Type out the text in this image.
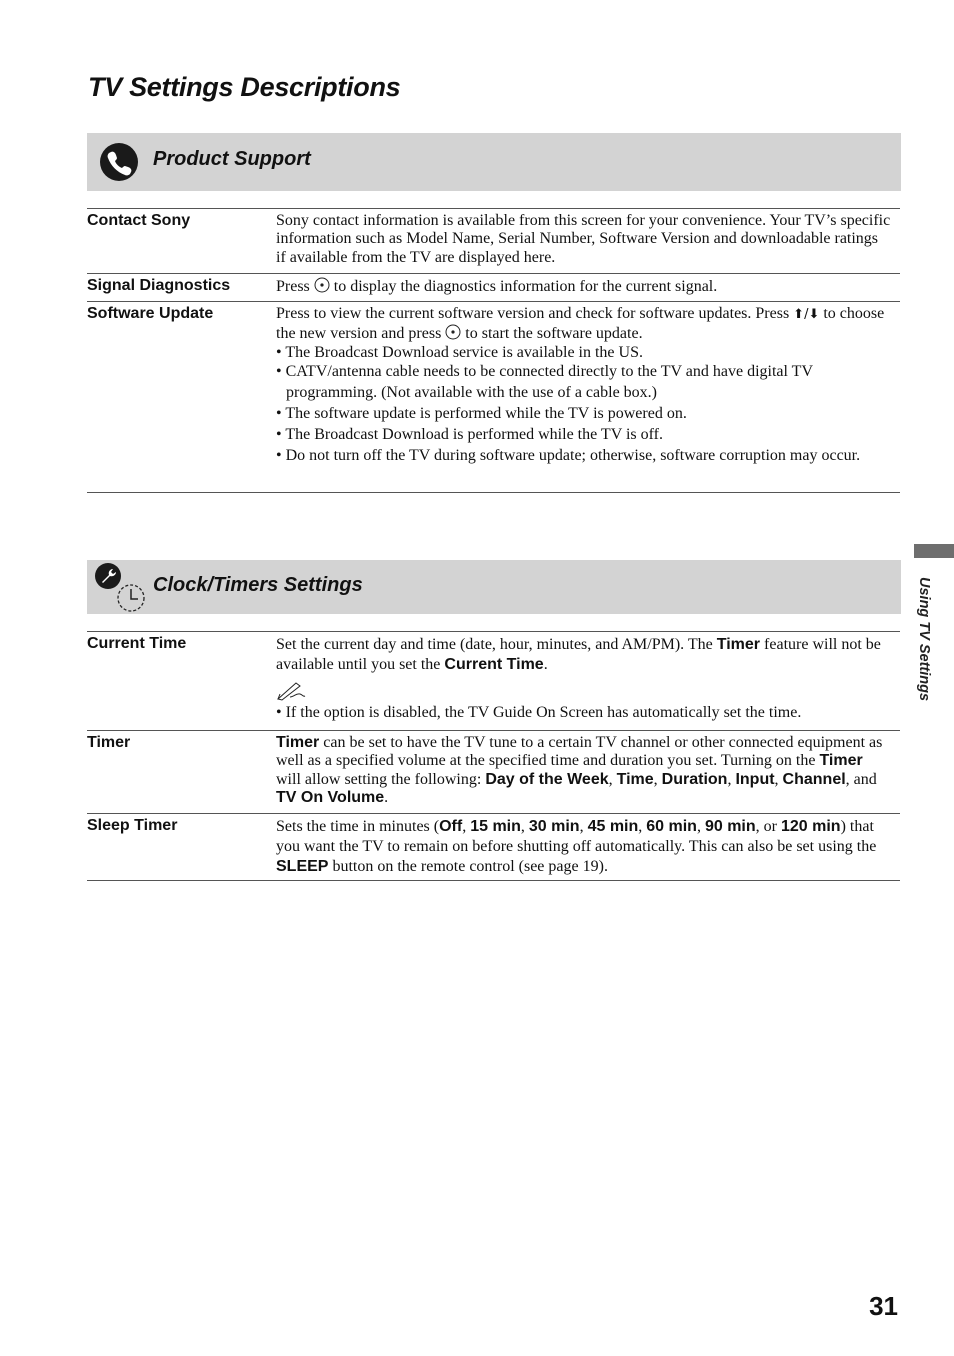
TV Settings Descriptions
Product Support
Contact Sony	Sony contact information is available from this screen for your convenience. Your TV’s specific information such as Model Name, Serial Number, Software Version and downloadable ratings if available from the TV are displayed here.
Signal Diagnostics	Press to display the diagnostics information for the current signal.
Software Update	Press to view the current software version and check for software updates. Press ⬆/⬇ to choose the new version and press to start the software update.
• The Broadcast Download service is available in the US.
• CATV/antenna cable needs to be connected directly to the TV and have digital TV programming. (Not available with the use of a cable box.)
• The software update is performed while the TV is powered on.
• The Broadcast Download is performed while the TV is off.
• Do not turn off the TV during software update; otherwise, software corruption may occur.
Clock/Timers Settings
Current Time	Set the current day and time (date, hour, minutes, and AM/PM). The Timer feature will not be available until you set the Current Time.
• If the option is disabled, the TV Guide On Screen has automatically set the time.
Timer	Timer can be set to have the TV tune to a certain TV channel or other connected equipment as well as a specified volume at the specified time and duration you set. Turning on the Timer will allow setting the following: Day of the Week, Time, Duration, Input, Channel, and TV On Volume.
Sleep Timer	Sets the time in minutes (Off, 15 min, 30 min, 45 min, 60 min, 90 min, or 120 min) that you want the TV to remain on before shutting off automatically. This can also be set using the SLEEP button on the remote control (see page 19).
Using TV Settings
31
